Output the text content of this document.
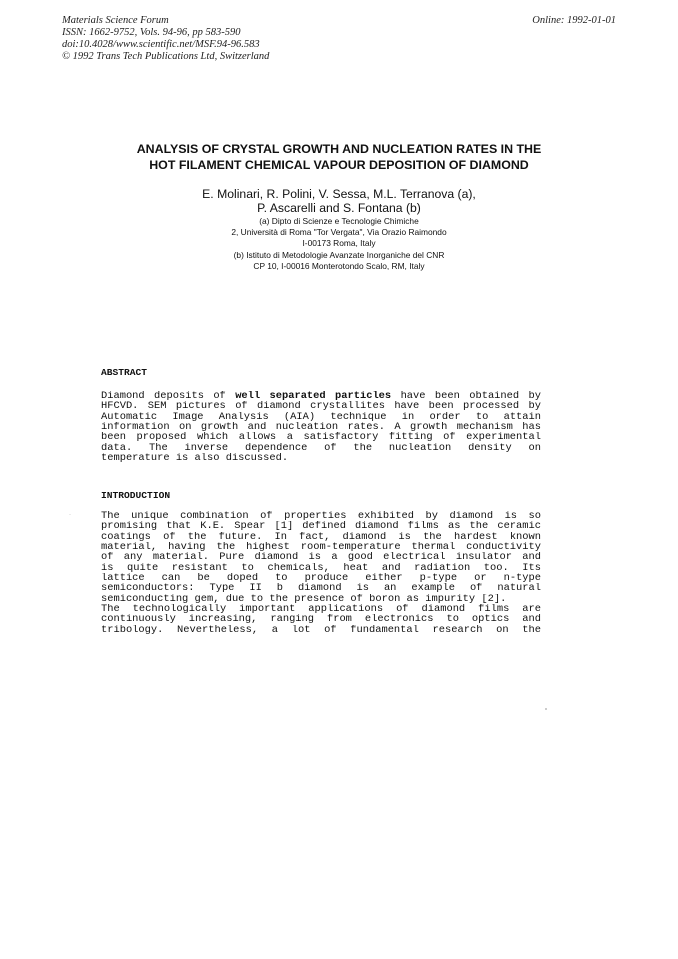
Materials Science Forum
ISSN: 1662-9752, Vols. 94-96, pp 583-590
doi:10.4028/www.scientific.net/MSF.94-96.583
© 1992 Trans Tech Publications Ltd, Switzerland
Online: 1992-01-01
ANALYSIS OF CRYSTAL GROWTH AND NUCLEATION RATES IN THE
HOT FILAMENT CHEMICAL VAPOUR DEPOSITION OF DIAMOND
E. Molinari, R. Polini, V. Sessa, M.L. Terranova (a),
P. Ascarelli and S. Fontana (b)
(a) Dipto di Scienze e Tecnologie Chimiche
2, Università di Roma "Tor Vergata", Via Orazio Raimondo
I-00173 Roma, Italy
(b) Istituto di Metodologie Avanzate Inorganiche del CNR
CP 10, I-00016 Monterotondo Scalo, RM, Italy
ABSTRACT
Diamond deposits of well separated particles have been obtained by
HFCVD. SEM pictures of diamond crystallites have been processed by
Automatic Image Analysis (AIA) technique in order to attain
information on growth and nucleation rates. A growth mechanism has
been proposed which allows a satisfactory fitting of experimental
data. The inverse dependence of the nucleation density on
temperature is also discussed.
INTRODUCTION
·	The unique combination of properties exhibited by diamond is so
promising that K.E. Spear [1] defined diamond films as the ceramic
coatings of the future. In fact, diamond is the hardest known
material, having the highest room-temperature thermal conductivity
of any material. Pure diamond is a good electrical insulator and
is quite resistant to chemicals, heat and radiation too. Its
lattice can be doped to produce either p-type or n-type
semiconductors: Type II b diamond is an example of natural
semiconducting gem, due to the presence of boron as impurity [2].
The technologically important applications of diamond films are
continuously increasing, ranging from electronics to optics and
tribology. Nevertheless, a lot of fundamental research on the
